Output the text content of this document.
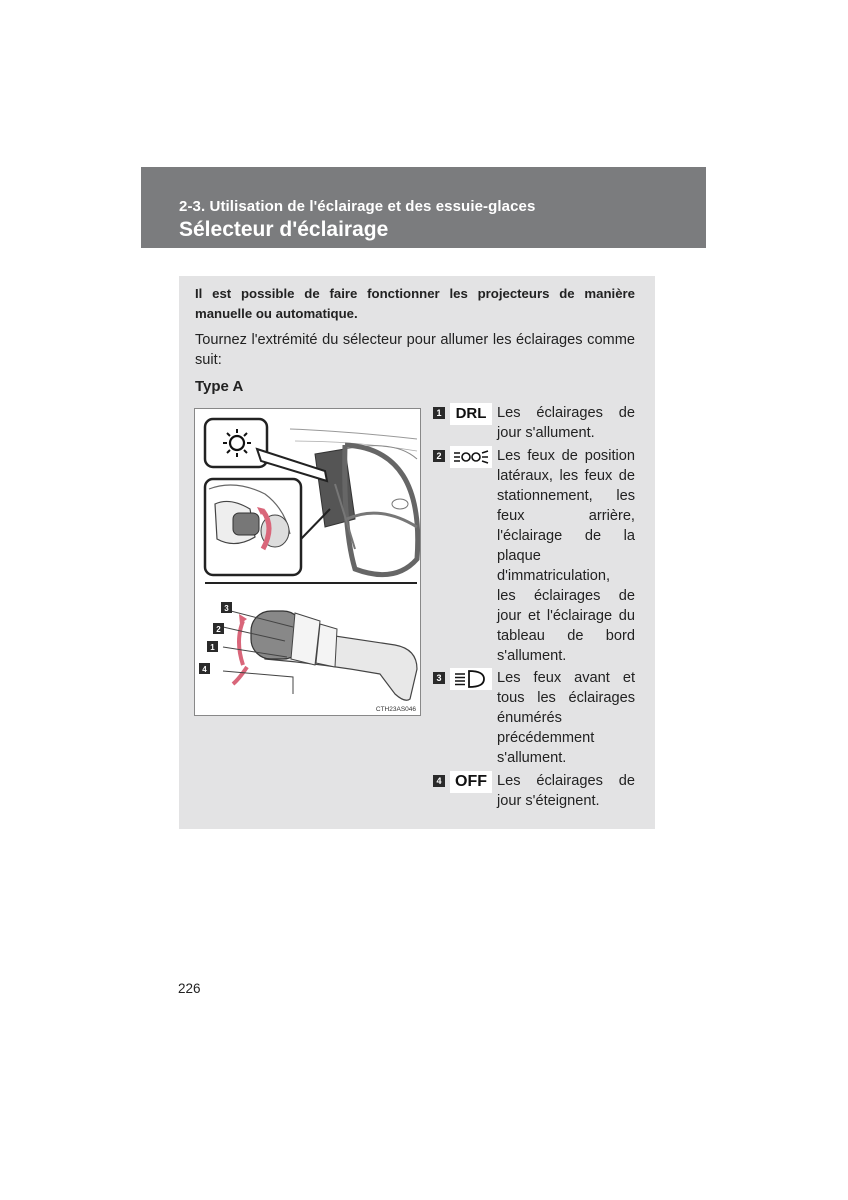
2-3. Utilisation de l'éclairage et des essuie-glaces
Sélecteur d'éclairage
Il est possible de faire fonctionner les projecteurs de manière manuelle ou automatique.
Tournez l'extrémité du sélecteur pour allumer les éclairages comme suit:
Type A
3
2
1
4
CTH23AS046
1 DRL Les éclairages de
jour s'allument.
2	Les feux de position
latéraux, les feux de
stationnement, les
feux arrière,
l'éclairage de la
plaque
d'immatriculation,
les éclairages de
jour et l'éclairage du
tableau de bord
s'allument.
3	Les feux avant et
tous les éclairages
énumérés
précédemment
s'allument.
4 OFF Les éclairages de
jour s'éteignent.
226
